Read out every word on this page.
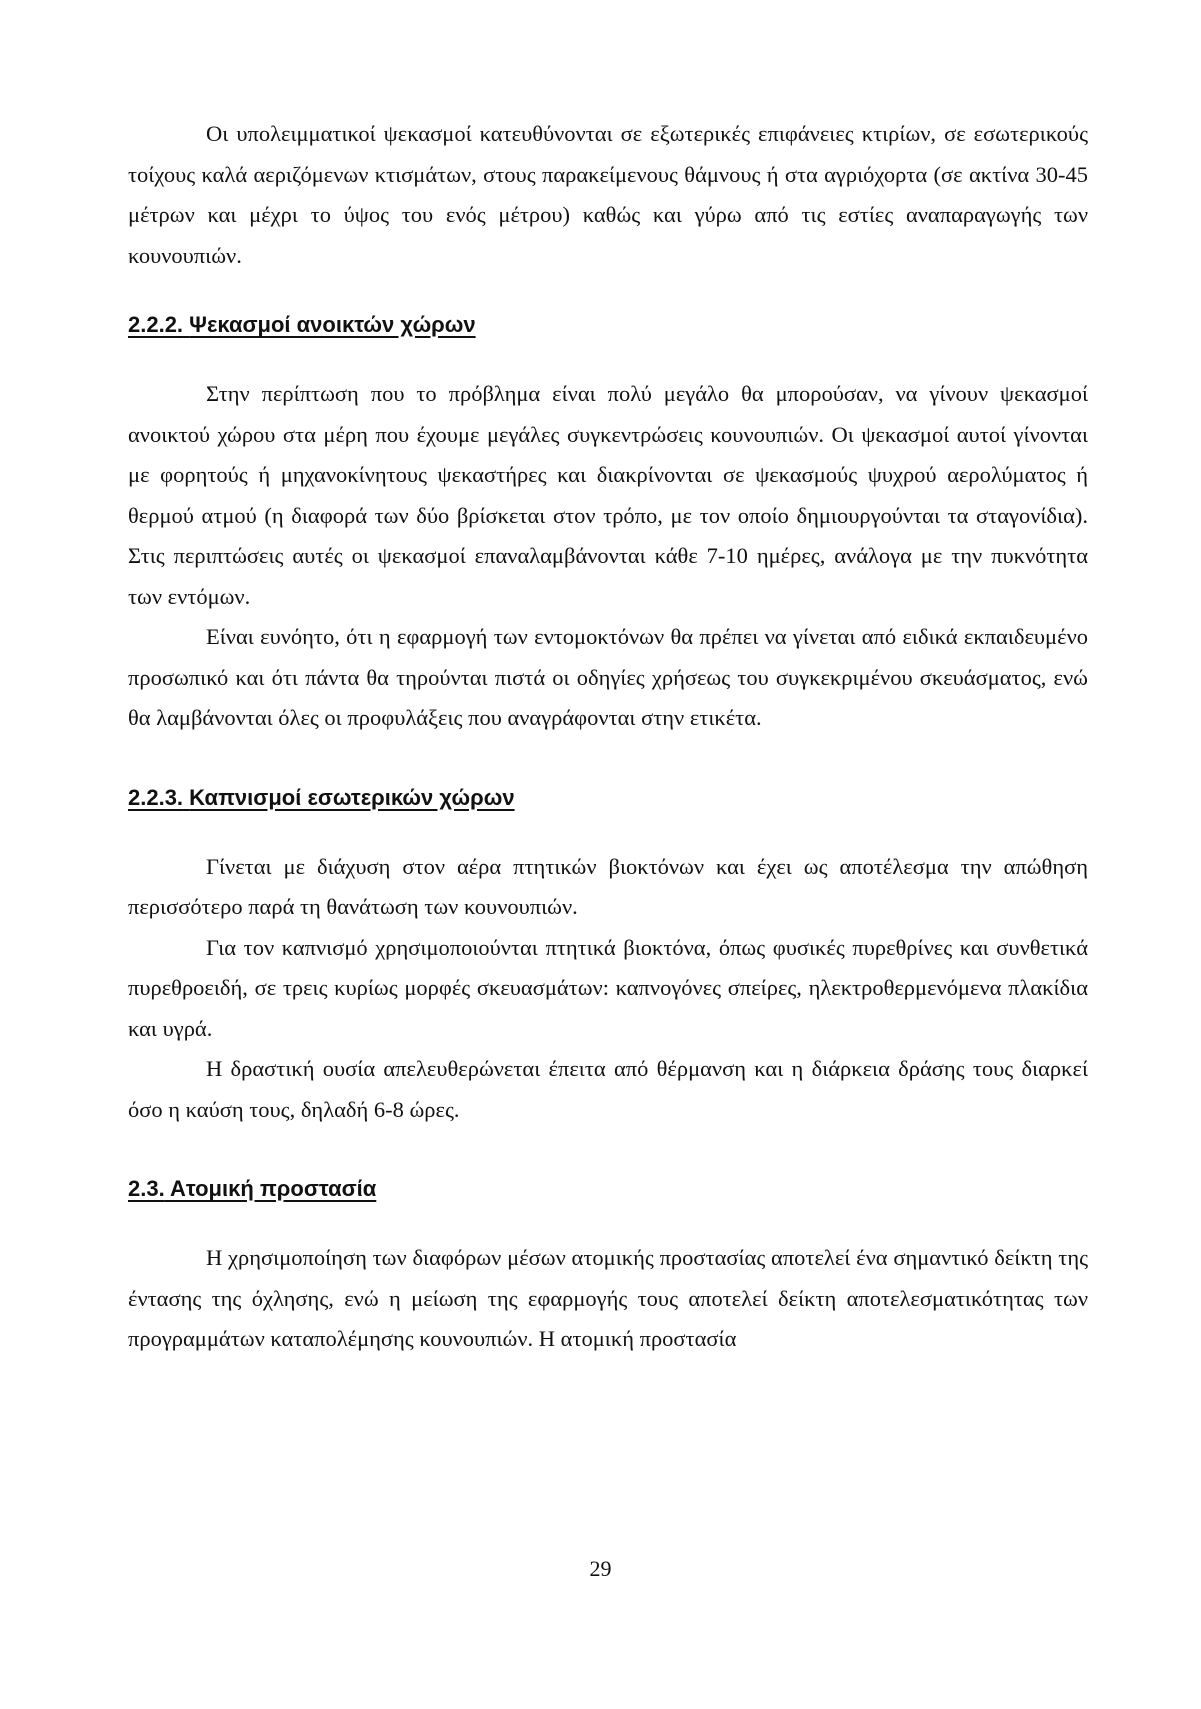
Οι υπολειμματικοί ψεκασμοί κατευθύνονται σε εξωτερικές επιφάνειες κτιρίων, σε εσωτερικούς τοίχους καλά αεριζόμενων κτισμάτων, στους παρακείμενους θάμνους ή στα αγριόχορτα (σε ακτίνα 30-45 μέτρων και μέχρι το ύψος του ενός μέτρου) καθώς και γύρω από τις εστίες αναπαραγωγής των κουνουπιών.

2.2.2. Ψεκασμοί ανοικτών χώρων

Στην περίπτωση που το πρόβλημα είναι πολύ μεγάλο θα μπορούσαν, να γίνουν ψεκασμοί ανοικτού χώρου στα μέρη που έχουμε μεγάλες συγκεντρώσεις κουνουπιών. Οι ψεκασμοί αυτοί γίνονται με φορητούς ή μηχανοκίνητους ψεκαστήρες και διακρίνονται σε ψεκασμούς ψυχρού αερολύματος ή θερμού ατμού (η διαφορά των δύο βρίσκεται στον τρόπο, με τον οποίο δημιουργούνται τα σταγονίδια). Στις περιπτώσεις αυτές οι ψεκασμοί επαναλαμβάνονται κάθε 7-10 ημέρες, ανάλογα με την πυκνότητα των εντόμων.

Είναι ευνόητο, ότι η εφαρμογή των εντομοκτόνων θα πρέπει να γίνεται από ειδικά εκπαιδευμένο προσωπικό και ότι πάντα θα τηρούνται πιστά οι οδηγίες χρήσεως του συγκεκριμένου σκευάσματος, ενώ θα λαμβάνονται όλες οι προφυλάξεις που αναγράφονται στην ετικέτα.

2.2.3. Καπνισμοί εσωτερικών χώρων

Γίνεται με διάχυση στον αέρα πτητικών βιοκτόνων και έχει ως αποτέλεσμα την απώθηση περισσότερο παρά τη θανάτωση των κουνουπιών.

Για τον καπνισμό χρησιμοποιούνται πτητικά βιοκτόνα, όπως φυσικές πυρεθρίνες και συνθετικά πυρεθροειδή, σε τρεις κυρίως μορφές σκευασμάτων: καπνογόνες σπείρες, ηλεκτροθερμενόμενα πλακίδια και υγρά.

Η δραστική ουσία απελευθερώνεται έπειτα από θέρμανση και η διάρκεια δράσης τους διαρκεί όσο η καύση τους, δηλαδή 6-8 ώρες.

2.3. Ατομική προστασία

Η χρησιμοποίηση των διαφόρων μέσων ατομικής προστασίας αποτελεί ένα σημαντικό δείκτη της έντασης της όχλησης, ενώ η μείωση της εφαρμογής τους αποτελεί δείκτη αποτελεσματικότητας των προγραμμάτων καταπολέμησης κουνουπιών. Η ατομική προστασία

29
